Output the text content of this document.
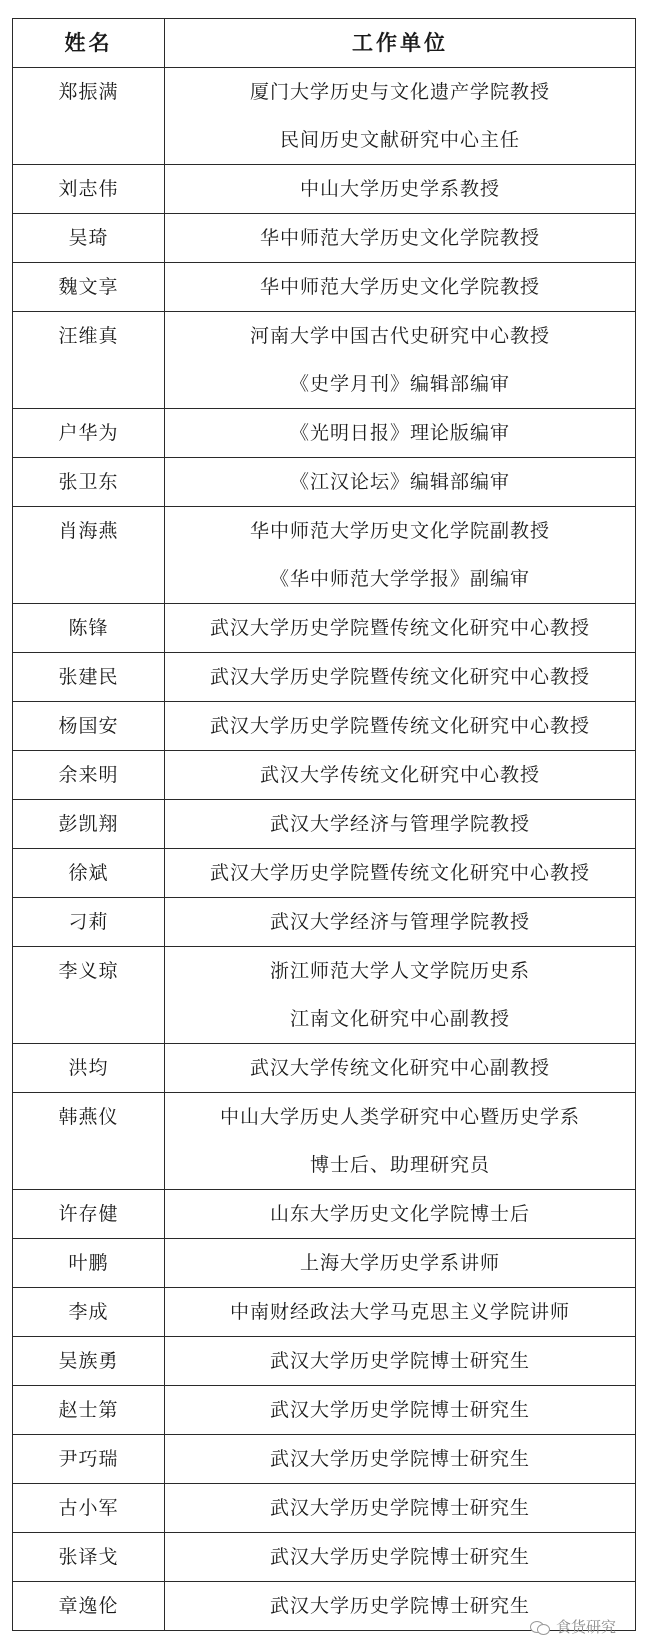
姓名	工作单位
郑振满	厦门大学历史与文化遗产学院教授
民间历史文献研究中心主任

刘志伟	中山大学历史学系教授

吴琦	华中师范大学历史文化学院教授

魏文享	华中师范大学历史文化学院教授

汪维真	河南大学中国古代史研究中心教授
《史学月刊》编辑部编审

户华为	《光明日报》理论版编审

张卫东	《江汉论坛》编辑部编审

肖海燕	华中师范大学历史文化学院副教授
《华中师范大学学报》副编审

陈锋	武汉大学历史学院暨传统文化研究中心教授

张建民	武汉大学历史学院暨传统文化研究中心教授

杨国安	武汉大学历史学院暨传统文化研究中心教授

余来明	武汉大学传统文化研究中心教授

彭凯翔	武汉大学经济与管理学院教授

徐斌	武汉大学历史学院暨传统文化研究中心教授

刁莉	武汉大学经济与管理学院教授

李义琼	浙江师范大学人文学院历史系
江南文化研究中心副教授

洪均	武汉大学传统文化研究中心副教授

韩燕仪	中山大学历史人类学研究中心暨历史学系
博士后、助理研究员

许存健	山东大学历史文化学院博士后

叶鹏	上海大学历史学系讲师

李成	中南财经政法大学马克思主义学院讲师

吴族勇	武汉大学历史学院博士研究生

赵士第	武汉大学历史学院博士研究生

尹巧瑞	武汉大学历史学院博士研究生

古小军	武汉大学历史学院博士研究生

张译戈	武汉大学历史学院博士研究生

章逸伦	武汉大学历史学院博士研究生
食货研究
